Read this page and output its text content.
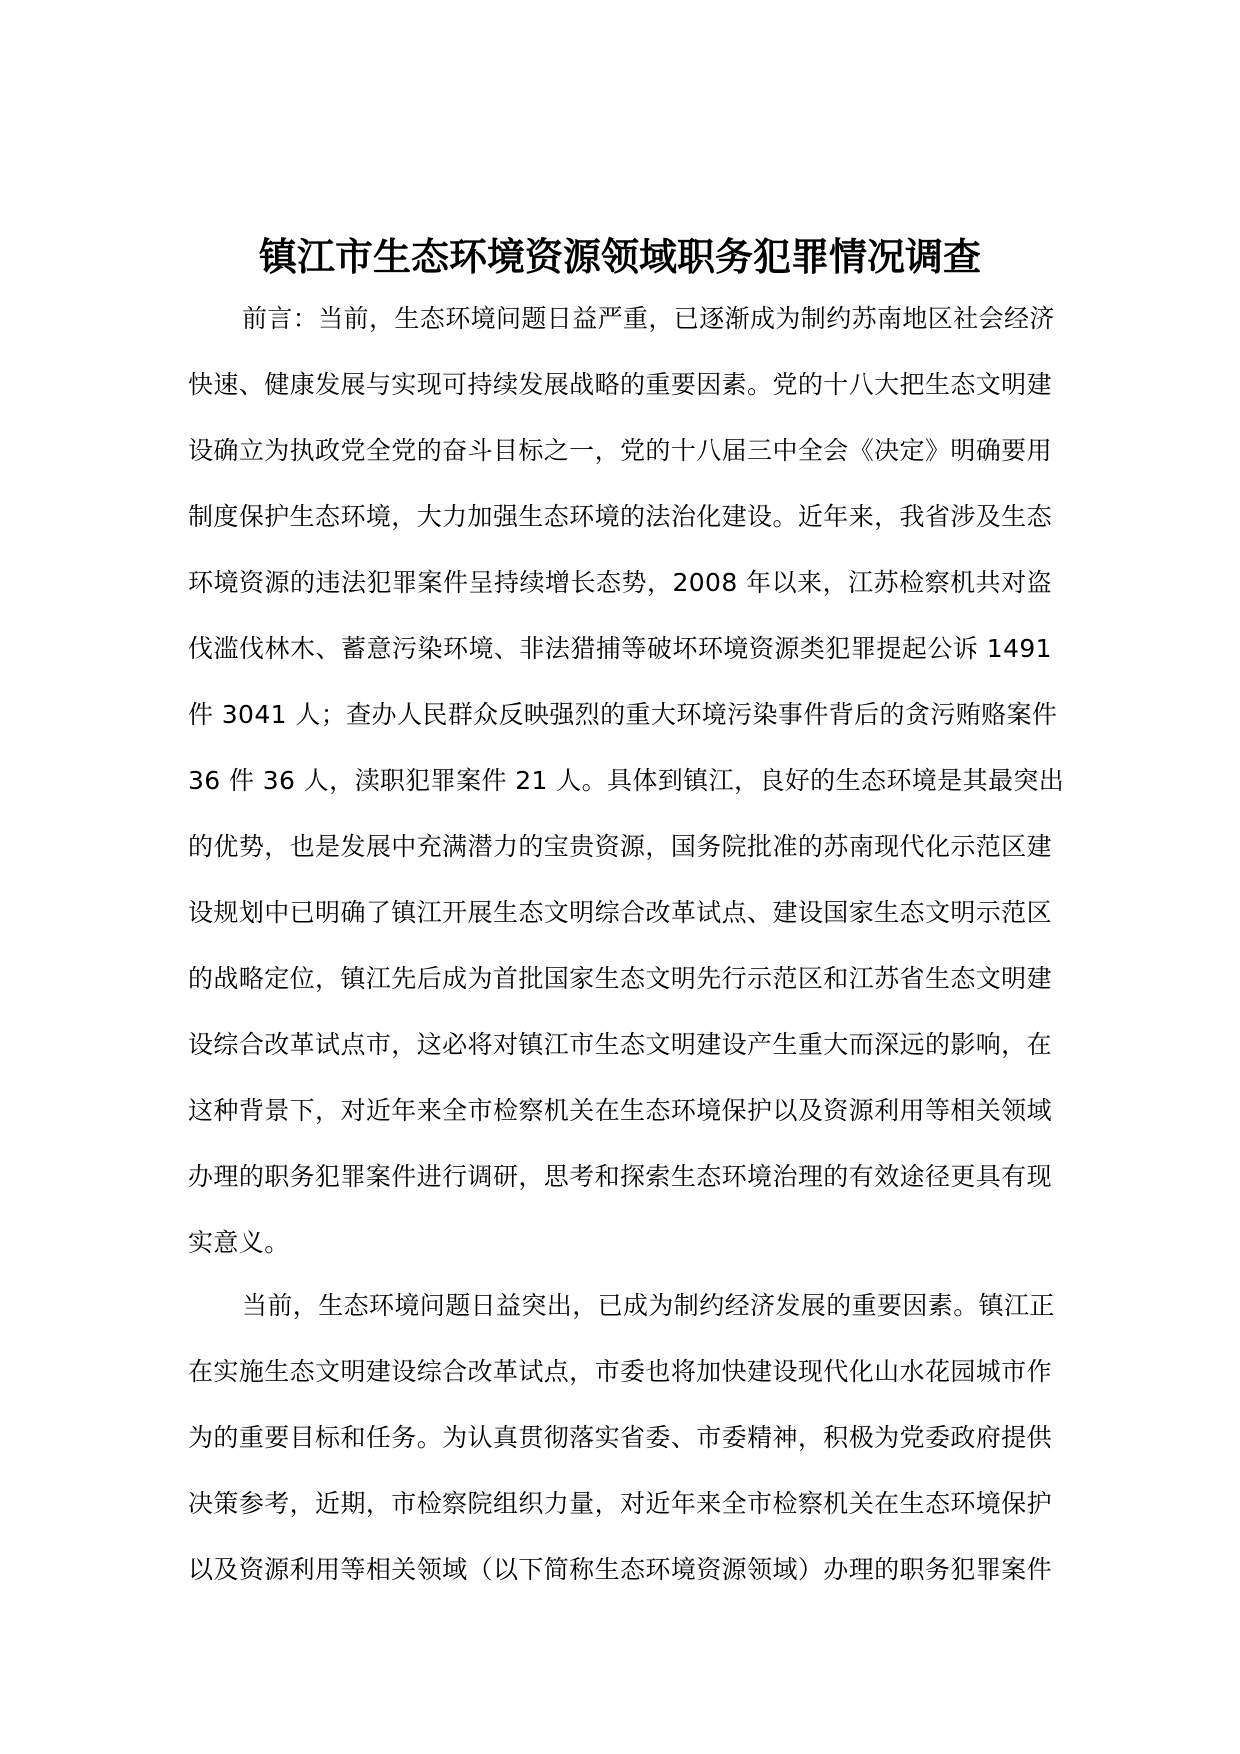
镇江市生态环境资源领域职务犯罪情况调查
前言：当前，生态环境问题日益严重，已逐渐成为制约苏南地区社会经济
快速、健康发展与实现可持续发展战略的重要因素。党的十八大把生态文明建
设确立为执政党全党的奋斗目标之一，党的十八届三中全会《决定》明确要用
制度保护生态环境，大力加强生态环境的法治化建设。近年来，我省涉及生态
环境资源的违法犯罪案件呈持续增长态势，2008 年以来，江苏检察机共对盗
伐滥伐林木、蓄意污染环境、非法猎捕等破坏环境资源类犯罪提起公诉 1491
件 3041 人；查办人民群众反映强烈的重大环境污染事件背后的贪污贿赂案件
36 件 36 人，渎职犯罪案件 21 人。具体到镇江，良好的生态环境是其最突出
的优势，也是发展中充满潜力的宝贵资源，国务院批准的苏南现代化示范区建
设规划中已明确了镇江开展生态文明综合改革试点、建设国家生态文明示范区
的战略定位，镇江先后成为首批国家生态文明先行示范区和江苏省生态文明建
设综合改革试点市，这必将对镇江市生态文明建设产生重大而深远的影响，在
这种背景下，对近年来全市检察机关在生态环境保护以及资源利用等相关领域
办理的职务犯罪案件进行调研，思考和探索生态环境治理的有效途径更具有现
实意义。
当前，生态环境问题日益突出，已成为制约经济发展的重要因素。镇江正
在实施生态文明建设综合改革试点，市委也将加快建设现代化山水花园城市作
为的重要目标和任务。为认真贯彻落实省委、市委精神，积极为党委政府提供
决策参考，近期，市检察院组织力量，对近年来全市检察机关在生态环境保护
以及资源利用等相关领域（以下简称生态环境资源领域）办理的职务犯罪案件
